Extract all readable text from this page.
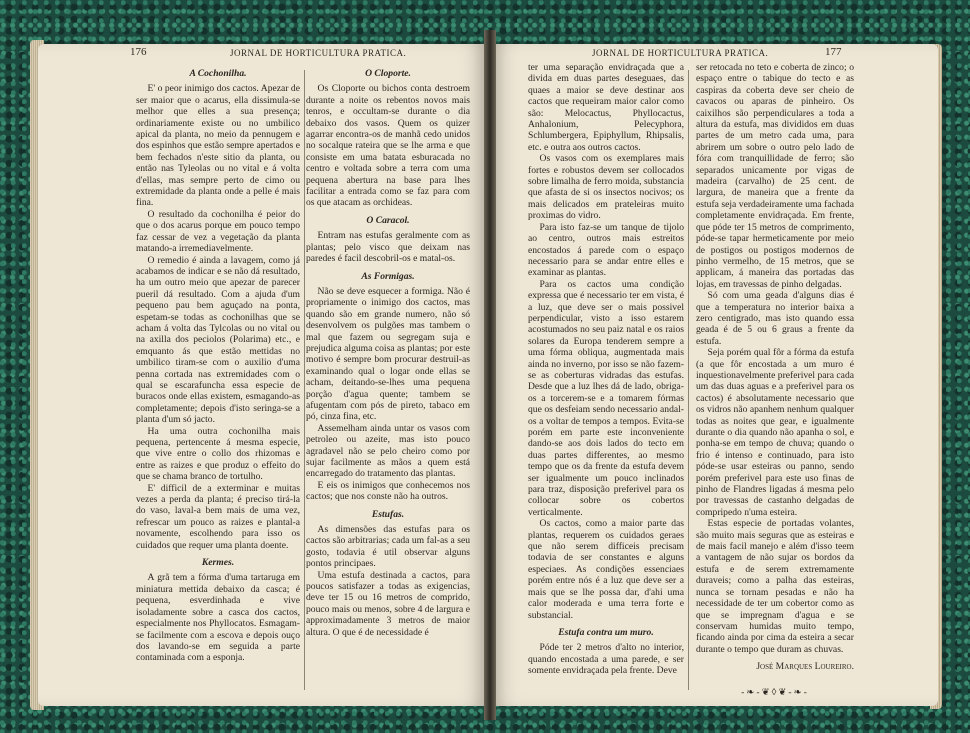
176	JORNAL DE HORTICULTURA PRATICA.	JORNAL DE HORTICULTURA PRATICA.	177
A Cochonilha.

E' o peor inimigo dos cactos. Apezar de ser maior que o acarus, ella dissimula-se melhor que elles a sua presença; ordinariamente existe ou no umbilico apical da planta, no meio da pennugem e dos espinhos que estão sempre apertados e bem fechados n'este sitio da planta, ou então nas Tyleolas ou no vital e á volta d'ellas, mas sempre perto de cimo ou extremidade da planta onde a pelle é mais fina.

O resultado da cochonilha é peior do que o dos acarus porque em pouco tempo faz cessar de vez a vegetação da planta matando-a irremediavelmente.

O remedio é ainda a lavagem, como já acabamos de indicar e se não dá resultado, ha um outro meio que apezar de parecer pueril dá resultado. Com a ajuda d'um pequeno pau bem aguçado na ponta, espetam-se todas as cochonilhas que se acham á volta das Tylcolas ou no vital ou na axilla dos peciolos (Polarima) etc., e emquanto ás que estão mettidas no umbilico tiram-se com o auxilio d'uma penna cortada nas extremidades com o qual se escarafuncha essa especie de buracos onde ellas existem, esmagando-as completamente; depois d'isto seringa-se a planta d'um só jacto.

Ha uma outra cochonilha mais pequena, pertencente á mesma especie, que vive entre o collo dos rhizomas e entre as raizes e que produz o effeito do que se chama branco de tortulho.

E' difficil de a exterminar e muitas vezes a perda da planta; é preciso tirá-la do vaso, laval-a bem mais de uma vez, refrescar um pouco as raizes e plantal-a novamente, escolhendo para isso os cuidados que requer uma planta doente.

Kermes.

A grã tem a fórma d'uma tartaruga em miniatura mettida debaixo da casca; é pequena, esverdinhada e vive isoladamente sobre a casca dos cactos, especialmente nos Phyllocatos. Esmagam-se facilmente com a escova e depois ouço dos lavando-se em seguida a parte contaminada com a esponja.

O Cloporte.

Os Cloporte ou bichos conta destroem durante a noite os rebentos novos mais tenros, e occultam-se durante o dia debaixo dos vasos. Quem os quizer agarrar encontra-os de manhã cedo unidos no socalque rateira que se lhe arma e que consiste em uma batata esburacada no centro e voltada sobre a terra com uma pequena abertura na base para lhes facilitar a entrada como se faz para com os que atacam as orchideas.

O Caracol.

Entram nas estufas geralmente com as plantas; pelo visco que deixam nas paredes é facil descobril-os e matal-os.

As Formigas.

Não se deve esquecer a formiga. Não é propriamente o inimigo dos cactos, mas quando são em grande numero, não só desenvolvem os pulgões mas tambem o mal que fazem ou segregam suja e prejudica alguma coisa as plantas; por este motivo é sempre bom procurar destruil-as examinando qual o logar onde ellas se acham, deitando-se-lhes uma pequena porção d'agua quente; tambem se afugentam com pós de pireto, tabaco em pó, cinza fina, etc.

Assemelham ainda untar os vasos com petroleo ou azeite, mas isto pouco agradavel não se pelo cheiro como por sujar facilmente as mãos a quem está encarregado do tratamento das plantas.

E eis os inimigos que conhecemos nos cactos; que nos conste não ha outros.

Estufas.

As dimensões das estufas para os cactos são arbitrarias; cada um fal-as a seu gosto, todavia é util observar alguns pontos principaes.

Uma estufa destinada a cactos, para poucos satisfazer a todas as exigencias, deve ter 15 ou 16 metros de comprido, pouco mais ou menos, sobre 4 de largura e approximadamente 3 metros de maior altura. O que é de necessidade é

ter uma separação envidraçada que a divida em duas partes deseguaes, das quaes a maior se deve destinar aos cactos que requeiram maior calor como são: Melocactus, Phyllocactus, Anhalonium, Pelecyphora, Schlumbergera, Epiphyllum, Rhipsalis, etc. e outra aos outros cactos.

Os vasos com os exemplares mais fortes e robustos devem ser collocados sobre limalha de ferro moida, substancia que afasta de si os insectos nocivos; os mais delicados em prateleiras muito proximas do vidro.

Para isto faz-se um tanque de tijolo ao centro, outros mais estreitos encostados á parede com o espaço necessario para se andar entre elles e examinar as plantas.

Para os cactos uma condição expressa que é necessario ter em vista, é a luz, que deve ser o mais possivel perpendicular, visto a isso estarem acostumados no seu paiz natal e os raios solares da Europa tenderem sempre a uma fórma obliqua, augmentada mais ainda no inverno, por isso se não fazem-se as coberturas vidradas das estufas. Desde que a luz lhes dá de lado, obriga-os a torcerem-se e a tomarem fórmas que os desfeiam sendo necessario andal-os a voltar de tempos a tempos. Evita-se porém em parte este inconveniente dando-se aos dois lados do tecto em duas partes differentes, ao mesmo tempo que os da frente da estufa devem ser igualmente um pouco inclinados para traz, disposição preferivel para os collocar sobre os cobertos verticalmente.

Os cactos, como a maior parte das plantas, requerem os cuidados geraes que não serem difficeis precisam todavia de ser constantes e alguns especiaes. As condições essenciaes porém entre nós é a luz que deve ser a mais que se lhe possa dar, d'ahi uma calor moderada e uma terra forte e substancial.

Estufa contra um muro.

Póde ter 2 metros d'alto no interior, quando encostada a uma parede, e ser somente envidraçada pela frente. Deve

ser retocada no teto e coberta de zinco; o espaço entre o tabique do tecto e as caspiras da coberta deve ser cheio de cavacos ou aparas de pinheiro. Os caixilhos são perpendiculares a toda a altura da estufa, mas divididos em duas partes de um metro cada uma, para abrirem um sobre o outro pelo lado de fóra com tranquillidade de ferro; são separados unicamente por vigas de madeira (carvalho) de 25 cent. de largura, de maneira que a frente da estufa seja verdadeiramente uma fachada completamente envidraçada. Em frente, que póde ter 15 metros de comprimento, póde-se tapar hermeticamente por meio de postigos ou postigos modernos de pinho vermelho, de 15 metros, que se applicam, á maneira das portadas das lojas, em travessas de pinho delgadas.

Só com uma geada d'alguns dias é que a temperatura no interior baixa a zero centigrado, mas isto quando essa geada é de 5 ou 6 graus a frente da estufa.

Seja porém qual fôr a fórma da estufa (a que fôr encostada a um muro é inquestionavelmente preferivel para cada um das duas aguas e a preferivel para os cactos) é absolutamente necessario que os vidros não apanhem nenhum qualquer todas as noites que gear, e igualmente durante o dia quando não apanha o sol, e ponha-se em tempo de chuva; quando o frio é intenso e continuado, para isto póde-se usar esteiras ou panno, sendo porém preferivel para este uso finas de pinho de Flandres ligadas á mesma pelo por travessas de castanho delgadas de compripedo n'uma esteira.

Estas especie de portadas volantes, são muito mais seguras que as esteiras e de mais facil manejo e além d'isso teem a vantagem de não sujar os bordos da estufa e de serem extremamente duraveis; como a palha das esteiras, nunca se tornam pesadas e não ha necessidade de ter um cobertor como as que se impregnam d'agua e se conservam humidas muito tempo, ficando ainda por cima da esteira a secar durante o tempo que duram as chuvas.

José Marques Loureiro.
-❧-❦◊❦-❧-
